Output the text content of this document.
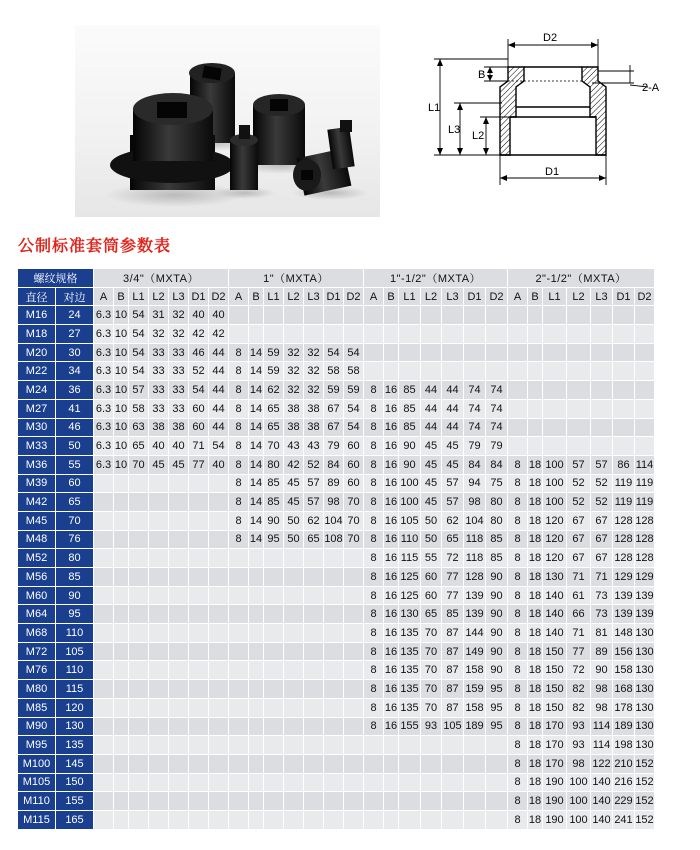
D2
B
2-A
L1
L3 L2
D1
公制标准套筒参数表
螺纹规格		3/4"（MXTA）							1"（MXTA）							1"-1/2"（MXTA）							2"-1/2"（MXTA）						
直径	对边	A	B	L1	L2	L3	D1	D2	A	B	L1	L2	L3	D1	D2	A	B	L1	L2	L3	D1	D2	A	B	L1	L2	L3	D1	D2
M16	24	6.3	10	54	31	32	40	40																					
M18	27	6.3	10	54	32	32	42	42																					
M20	30	6.3	10	54	33	33	46	44	8	14	59	32	32	54	54														
M22	34	6.3	10	54	33	33	52	44	8	14	59	32	32	58	58														
M24	36	6.3	10	57	33	33	54	44	8	14	62	32	32	59	59	8	16	85	44	44	74	74							
M27	41	6.3	10	58	33	33	60	44	8	14	65	38	38	67	54	8	16	85	44	44	74	74							
M30	46	6.3	10	63	38	38	60	44	8	14	65	38	38	67	54	8	16	85	44	44	74	74							
M33	50	6.3	10	65	40	40	71	54	8	14	70	43	43	79	60	8	16	90	45	45	79	79							
M36	55	6.3	10	70	45	45	77	40	8	14	80	42	52	84	60	8	16	90	45	45	84	84	8	18	100	57	57	86	114
M39	60								8	14	85	45	57	89	60	8	16	100	45	57	94	75	8	18	100	52	52	119	119
M42	65								8	14	85	45	57	98	70	8	16	100	45	57	98	80	8	18	100	52	52	119	119
M45	70								8	14	90	50	62	104	70	8	16	105	50	62	104	80	8	18	120	67	67	128	128
M48	76								8	14	95	50	65	108	70	8	16	110	50	65	118	85	8	18	120	67	67	128	128
M52	80															8	16	115	55	72	118	85	8	18	120	67	67	128	128
M56	85															8	16	125	60	77	128	90	8	18	130	71	71	129	129
M60	90															8	16	125	60	77	139	90	8	18	140	61	73	139	139
M64	95															8	16	130	65	85	139	90	8	18	140	66	73	139	139
M68	110															8	16	135	70	87	144	90	8	18	140	71	81	148	130
M72	105															8	16	135	70	87	149	90	8	18	150	77	89	156	130
M76	110															8	16	135	70	87	158	90	8	18	150	72	90	158	130
M80	115															8	16	135	70	87	159	95	8	18	150	82	98	168	130
M85	120															8	16	135	70	87	158	95	8	18	150	82	98	178	130
M90	130															8	16	155	93	105	189	95	8	18	170	93	114	189	130
M95	135																						8	18	170	93	114	198	130
M100	145																						8	18	170	98	122	210	152
M105	150																						8	18	190	100	140	216	152
M110	155																						8	18	190	100	140	229	152
M115	165																						8	18	190	100	140	241	152
